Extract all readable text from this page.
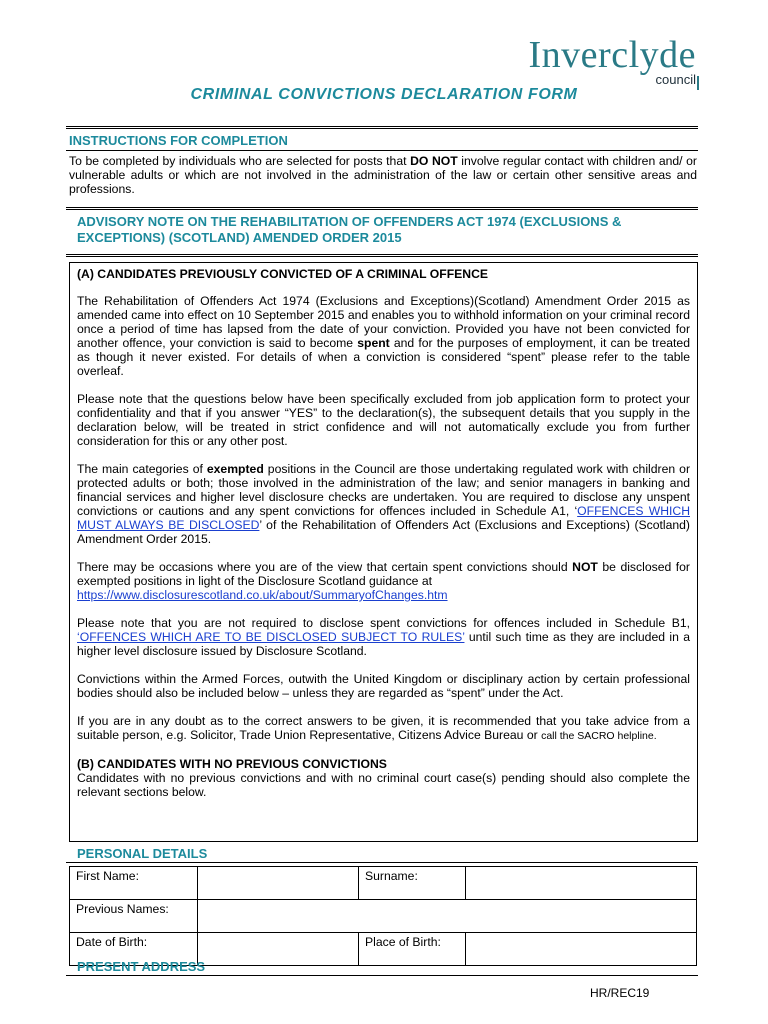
Inverclyde
council
CRIMINAL CONVICTIONS DECLARATION FORM
INSTRUCTIONS FOR COMPLETION

To be completed by individuals who are selected for posts that DO NOT involve regular contact with children and/ or vulnerable adults or which are not involved in the administration of the law or certain other sensitive areas and professions.

ADVISORY NOTE ON THE REHABILITATION OF OFFENDERS ACT 1974 (EXCLUSIONS & EXCEPTIONS) (SCOTLAND) AMENDED ORDER 2015

(A) CANDIDATES PREVIOUSLY CONVICTED OF A CRIMINAL OFFENCE

The Rehabilitation of Offenders Act 1974 (Exclusions and Exceptions)(Scotland) Amendment Order 2015 as amended came into effect on 10 September 2015 and enables you to withhold information on your criminal record once a period of time has lapsed from the date of your conviction. Provided you have not been convicted for another offence, your conviction is said to become spent and for the purposes of employment, it can be treated as though it never existed. For details of when a conviction is considered “spent” please refer to the table overleaf.

Please note that the questions below have been specifically excluded from job application form to protect your confidentiality and that if you answer “YES” to the declaration(s), the subsequent details that you supply in the declaration below, will be treated in strict confidence and will not automatically exclude you from further consideration for this or any other post.

The main categories of exempted positions in the Council are those undertaking regulated work with children or protected adults or both; those involved in the administration of the law; and senior managers in banking and financial services and higher level disclosure checks are undertaken. You are required to disclose any unspent convictions or cautions and any spent convictions for offences included in Schedule A1, ‘OFFENCES WHICH MUST ALWAYS BE DISCLOSED’ of the Rehabilitation of Offenders Act (Exclusions and Exceptions) (Scotland) Amendment Order 2015.

There may be occasions where you are of the view that certain spent convictions should NOT be disclosed for exempted positions in light of the Disclosure Scotland guidance at
https://www.disclosurescotland.co.uk/about/SummaryofChanges.htm

Please note that you are not required to disclose spent convictions for offences included in Schedule B1, ‘OFFENCES WHICH ARE TO BE DISCLOSED SUBJECT TO RULES’ until such time as they are included in a higher level disclosure issued by Disclosure Scotland.

Convictions within the Armed Forces, outwith the United Kingdom or disciplinary action by certain professional bodies should also be included below – unless they are regarded as “spent” under the Act.

If you are in any doubt as to the correct answers to be given, it is recommended that you take advice from a suitable person, e.g. Solicitor, Trade Union Representative, Citizens Advice Bureau or call the SACRO helpline.

(B) CANDIDATES WITH NO PREVIOUS CONVICTIONS

Candidates with no previous convictions and with no criminal court case(s) pending should also complete the relevant sections below.

PERSONAL DETAILS
First Name:		Surname:	
Previous Names:			
Date of Birth:		Place of Birth:	
PRESENT ADDRESS
HR/REC19
